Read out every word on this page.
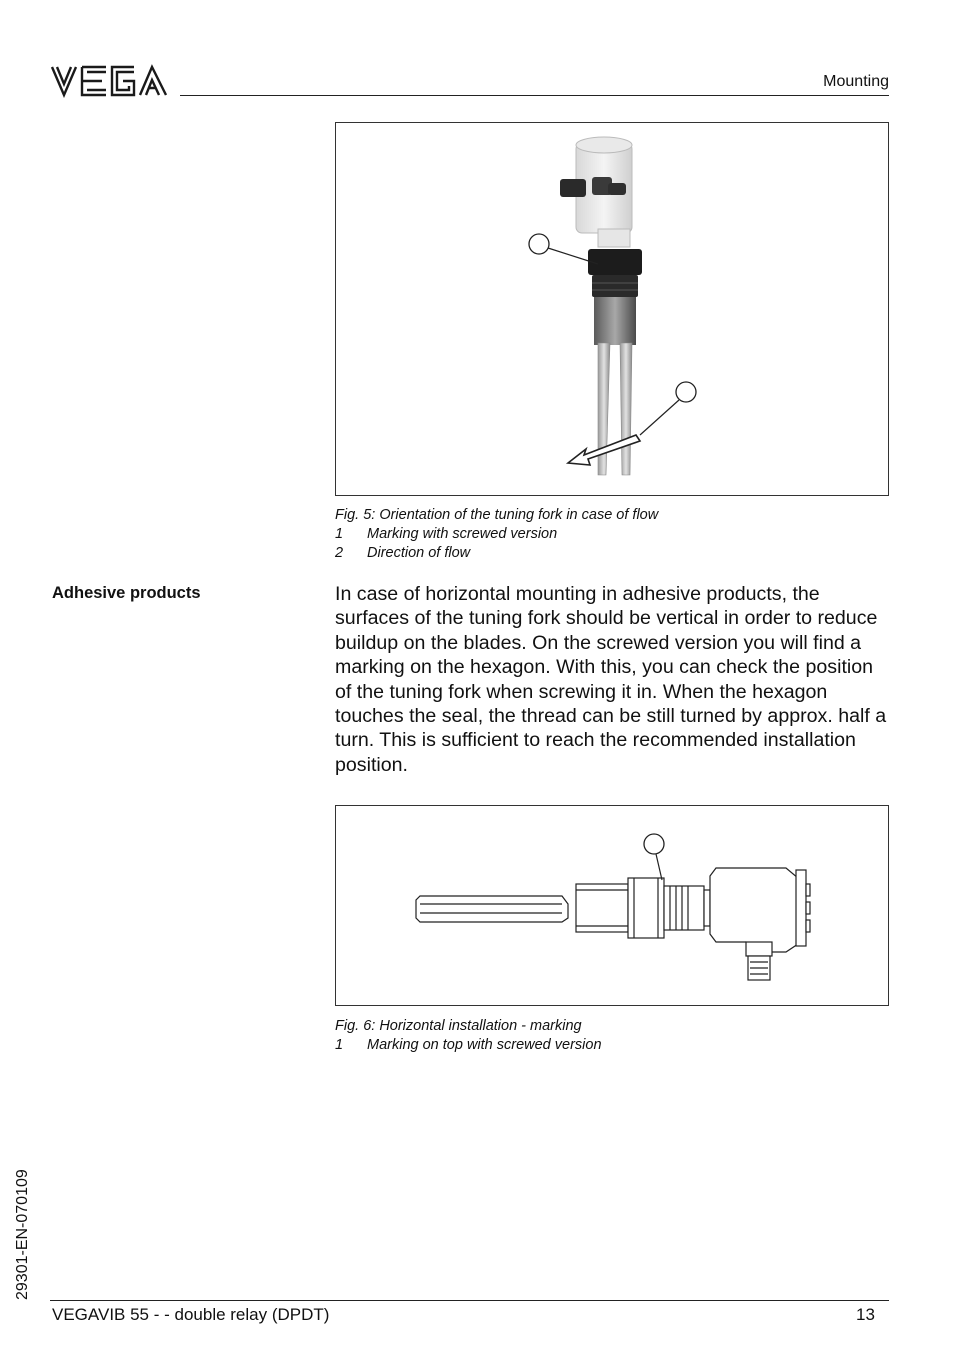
Mounting
Fig. 5: Orientation of the tuning fork in case of flow
1 Marking with screwed version
2 Direction of flow
Adhesive products	In case of horizontal mounting in adhesive products, the surfaces of the tuning fork should be vertical in order to reduce buildup on the blades. On the screwed version you will find a marking on the hexagon. With this, you can check the position of the tuning fork when screwing it in. When the hexagon touches the seal, the thread can be still turned by approx. half a turn. This is sufficient to reach the recommended installation position.
Fig. 6: Horizontal installation - marking
1 Marking on top with screwed version
29301-EN-070109
VEGAVIB 55 - - double relay (DPDT)	13
